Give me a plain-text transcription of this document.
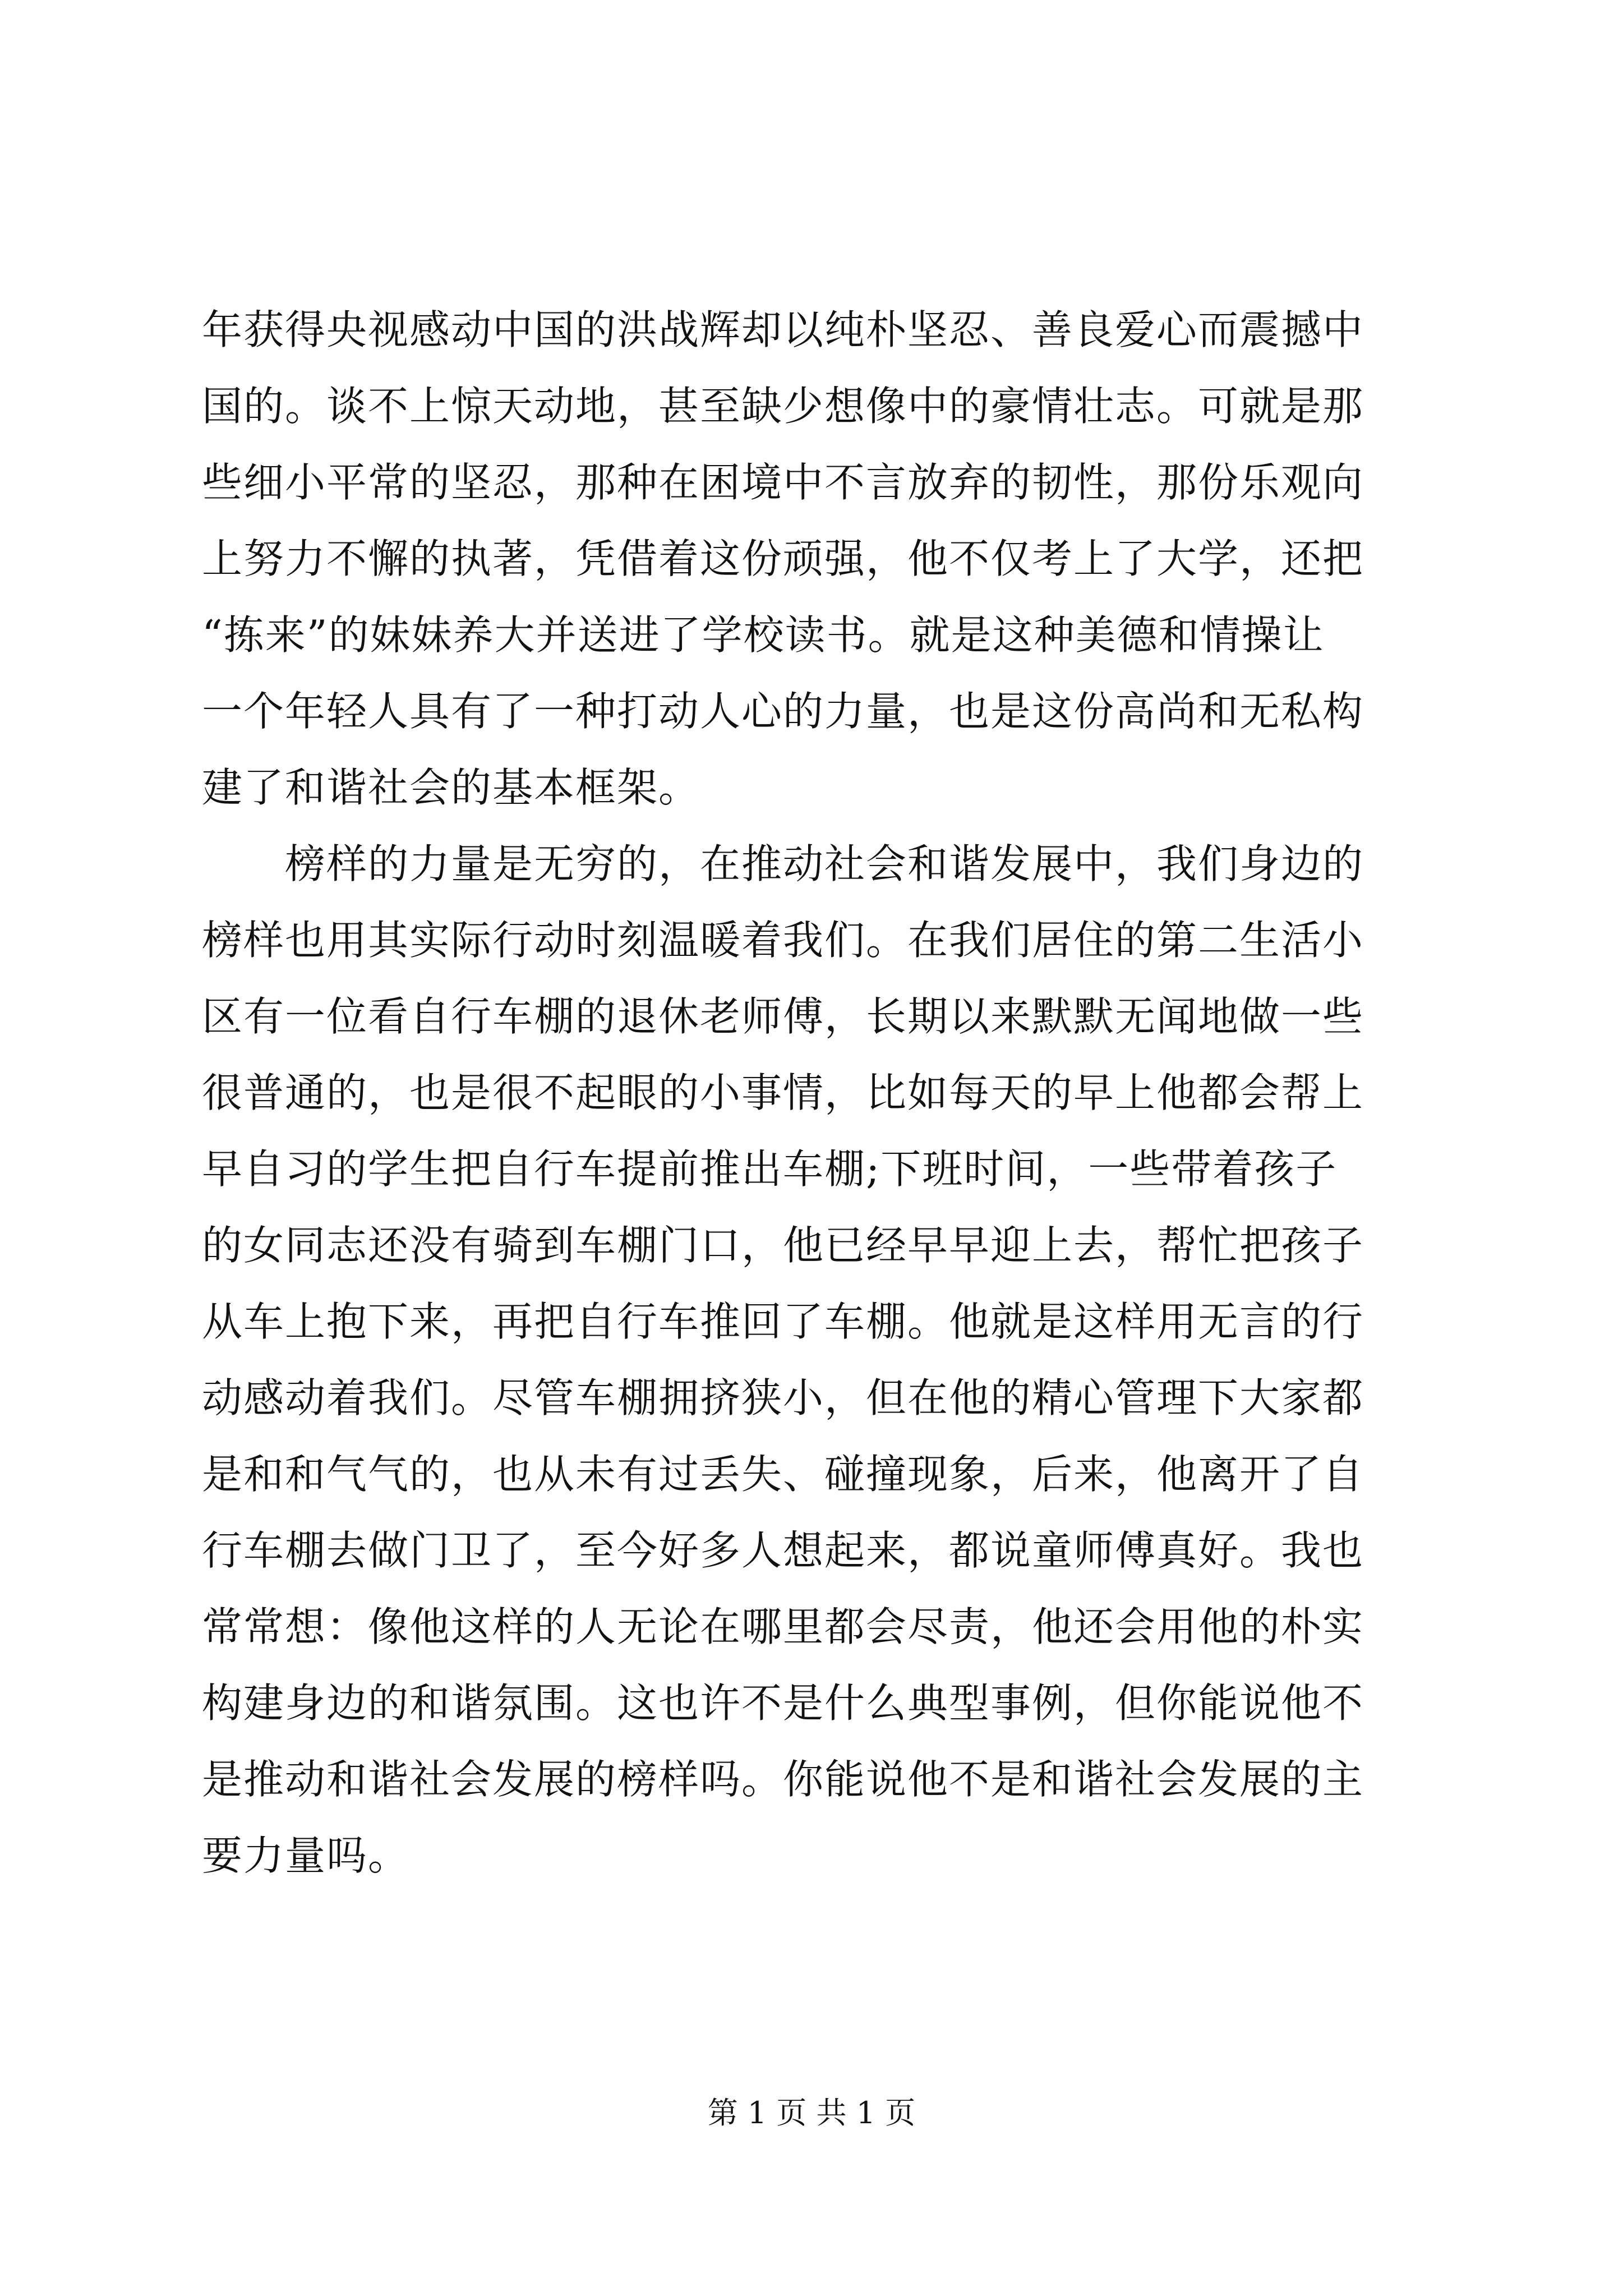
年获得央视感动中国的洪战辉却以纯朴坚忍、善良爱心而震撼中
国的。谈不上惊天动地，甚至缺少想像中的豪情壮志。可就是那
些细小平常的坚忍，那种在困境中不言放弃的韧性，那份乐观向
上努力不懈的执著，凭借着这份顽强，他不仅考上了大学，还把
“拣来”的妹妹养大并送进了学校读书。就是这种美德和情操让
一个年轻人具有了一种打动人心的力量，也是这份高尚和无私构
建了和谐社会的基本框架。
　　榜样的力量是无穷的，在推动社会和谐发展中，我们身边的
榜样也用其实际行动时刻温暖着我们。在我们居住的第二生活小
区有一位看自行车棚的退休老师傅，长期以来默默无闻地做一些
很普通的，也是很不起眼的小事情，比如每天的早上他都会帮上
早自习的学生把自行车提前推出车棚;下班时间，一些带着孩子
的女同志还没有骑到车棚门口，他已经早早迎上去，帮忙把孩子
从车上抱下来，再把自行车推回了车棚。他就是这样用无言的行
动感动着我们。尽管车棚拥挤狭小，但在他的精心管理下大家都
是和和气气的，也从未有过丢失、碰撞现象，后来，他离开了自
行车棚去做门卫了，至今好多人想起来，都说童师傅真好。我也
常常想：像他这样的人无论在哪里都会尽责，他还会用他的朴实
构建身边的和谐氛围。这也许不是什么典型事例，但你能说他不
是推动和谐社会发展的榜样吗。你能说他不是和谐社会发展的主
要力量吗。
第 1 页 共 1 页
